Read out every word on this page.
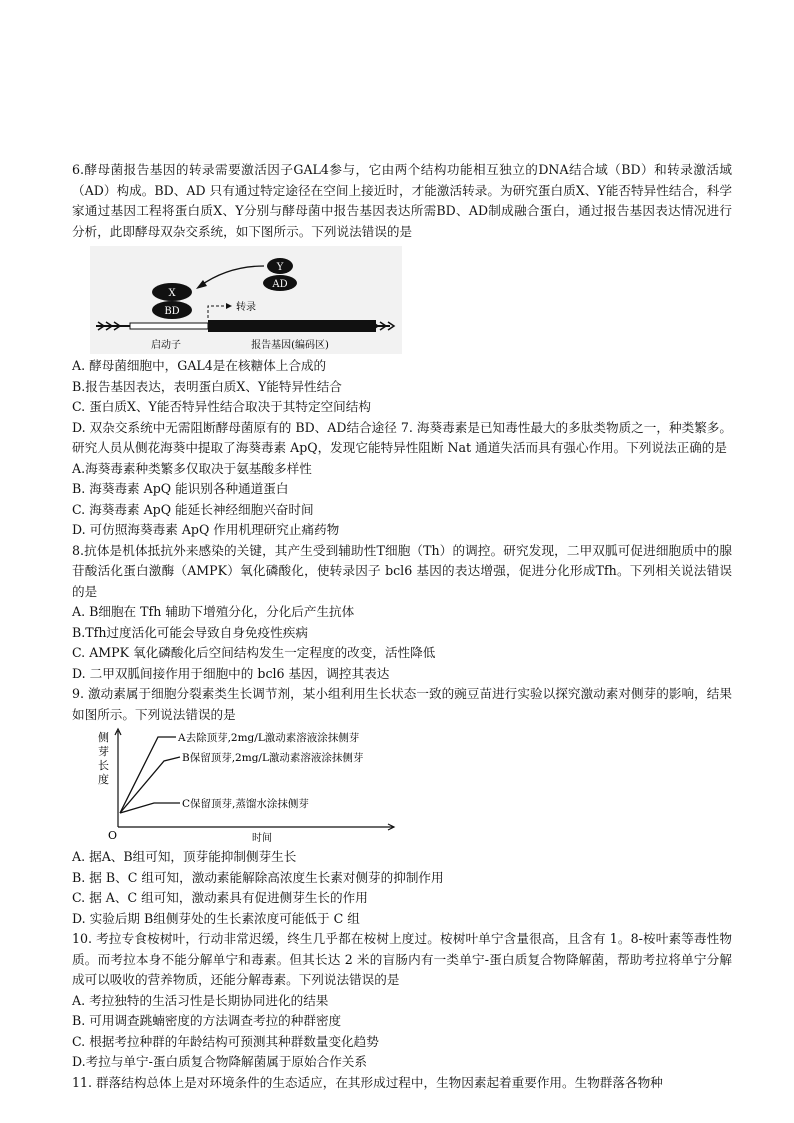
6.酵母菌报告基因的转录需要激活因子GAL4参与，它由两个结构功能相互独立的DNA结合域（BD）和转录激活域（AD）构成。BD、AD 只有通过特定途径在空间上接近时，才能激活转录。为研究蛋白质X、Y能否特异性结合，科学家通过基因工程将蛋白质X、Y分别与酵母菌中报告基因表达所需BD、AD制成融合蛋白，通过报告基因表达情况进行分析，此即酵母双杂交系统，如下图所示。下列说法错误的是

启动子	报告基因(编码区)
转录
BD
X
Y
AD

A. 酵母菌细胞中，GAL4是在核糖体上合成的

B.报告基因表达，表明蛋白质X、Y能特异性结合

C. 蛋白质X、Y能否特异性结合取决于其特定空间结构

D. 双杂交系统中无需阻断酵母菌原有的 BD、AD结合途径 7. 海葵毒素是已知毒性最大的多肽类物质之一，种类繁多。研究人员从侧花海葵中提取了海葵毒素 ApQ，发现它能特异性阻断 Nat 通道失活而具有强心作用。下列说法正确的是

A.海葵毒素种类繁多仅取决于氨基酸多样性

B. 海葵毒素 ApQ 能识别各种通道蛋白

C. 海葵毒素 ApQ 能延长神经细胞兴奋时间

D. 可仿照海葵毒素 ApQ 作用机理研究止痛药物

8.抗体是机体抵抗外来感染的关键，其产生受到辅助性T细胞（Th）的调控。研究发现，二甲双胍可促进细胞质中的腺苷酸活化蛋白激酶（AMPK）氧化磷酸化，使转录因子 bcl6 基因的表达增强，促进分化形成Tfh。下列相关说法错误的是

A. B细胞在 Tfh 辅助下增殖分化，分化后产生抗体

B.Tfh过度活化可能会导致自身免疫性疾病

C. AMPK 氧化磷酸化后空间结构发生一定程度的改变，活性降低

D. 二甲双胍间接作用于细胞中的 bcl6 基因，调控其表达

9. 激动素属于细胞分裂素类生长调节剂，某小组利用生长状态一致的豌豆苗进行实验以探究激动素对侧芽的影响，结果如图所示。下列说法错误的是

侧
芽
长
度
O	时间
A去除顶芽,2mg/L激动素溶液涂抹侧芽
B保留顶芽,2mg/L激动素溶液涂抹侧芽
C保留顶芽,蒸馏水涂抹侧芽

A. 据A、B组可知，顶芽能抑制侧芽生长

B. 据 B、C 组可知，激动素能解除高浓度生长素对侧芽的抑制作用

C. 据 A、C 组可知，激动素具有促进侧芽生长的作用

D. 实验后期 B组侧芽处的生长素浓度可能低于 C 组

10. 考拉专食桉树叶，行动非常迟缓，终生几乎都在桉树上度过。桉树叶单宁含量很高，且含有 1。8-桉叶素等毒性物质。而考拉本身不能分解单宁和毒素。但其长达 2 米的盲肠内有一类单宁-蛋白质复合物降解菌，帮助考拉将单宁分解成可以吸收的营养物质，还能分解毒素。下列说法错误的是

A. 考拉独特的生活习性是长期协同进化的结果

B. 可用调查跳蝻密度的方法调查考拉的种群密度

C. 根据考拉种群的年龄结构可预测其种群数量变化趋势

D.考拉与单宁-蛋白质复合物降解菌属于原始合作关系

11. 群落结构总体上是对环境条件的生态适应，在其形成过程中，生物因素起着重要作用。生物群落各物种
